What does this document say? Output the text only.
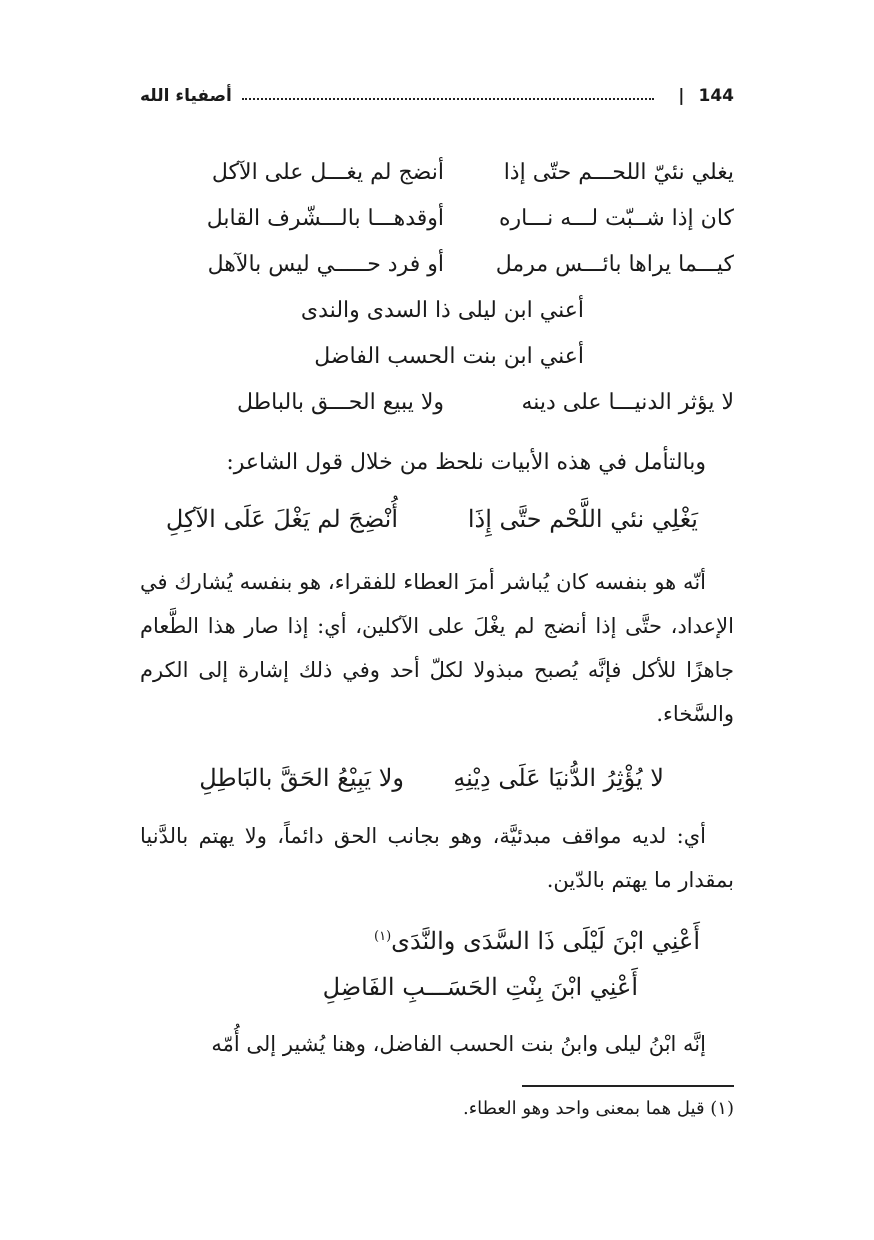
144
|
أصفياء الله
يغلي نئيّ اللحـــم حتّى إذا
أنضج لم يغـــل على الآكل
كان إذا شــبّت لـــه نـــاره
أوقدهـــا بالـــشّرف القابل
كيـــما يراها بائـــس مرمل
أو فرد حـــــي ليس بالآهل
أعني ابن ليلى ذا السدى والندى
أعني ابن بنت الحسب الفاضل
لا يؤثر الدنيـــا على دينه
ولا يبيع الحـــق بالباطل
وبالتأمل في هذه الأبيات نلحظ من خلال قول الشاعر:
يَغْلِي نئي اللَّحْم حتَّى إِذَا
أُنْضِجَ لم يَغْلَ عَلَى الآكِلِ
أنّه هو بنفسه كان يُباشر أمرَ العطاء للفقراء، هو بنفسه يُشارك في الإعداد، حتَّى إذا أنضج لم يغْلَ على الآكلين، أي: إذا صار هذا الطَّعام جاهزًا للأكل فإنَّه يُصبح مبذولا لكلّ أحد وفي ذلك إشارة إلى الكرم والسَّخاء.
لا يُؤْثِرُ الدُّنيَا عَلَى دِيْنِهِ
ولا يَبِيْعُ الحَقَّ بالبَاطِلِ
أي: لديه مواقف مبدئيَّة، وهو بجانب الحق دائماً، ولا يهتم بالدَّنيا بمقدار ما يهتم بالدّين.
أَعْنِي ابْنَ لَيْلَى ذَا السَّدَى والنَّدَى$^{(١)}$
أَعْنِي ابْنَ بِنْتِ الحَسَـــبِ الفَاضِلِ
إنَّه ابْنُ ليلى وابنُ بنت الحسب الفاضل، وهنا يُشير إلى أُمّه
(١) قيل هما بمعنى واحد وهو العطاء.
